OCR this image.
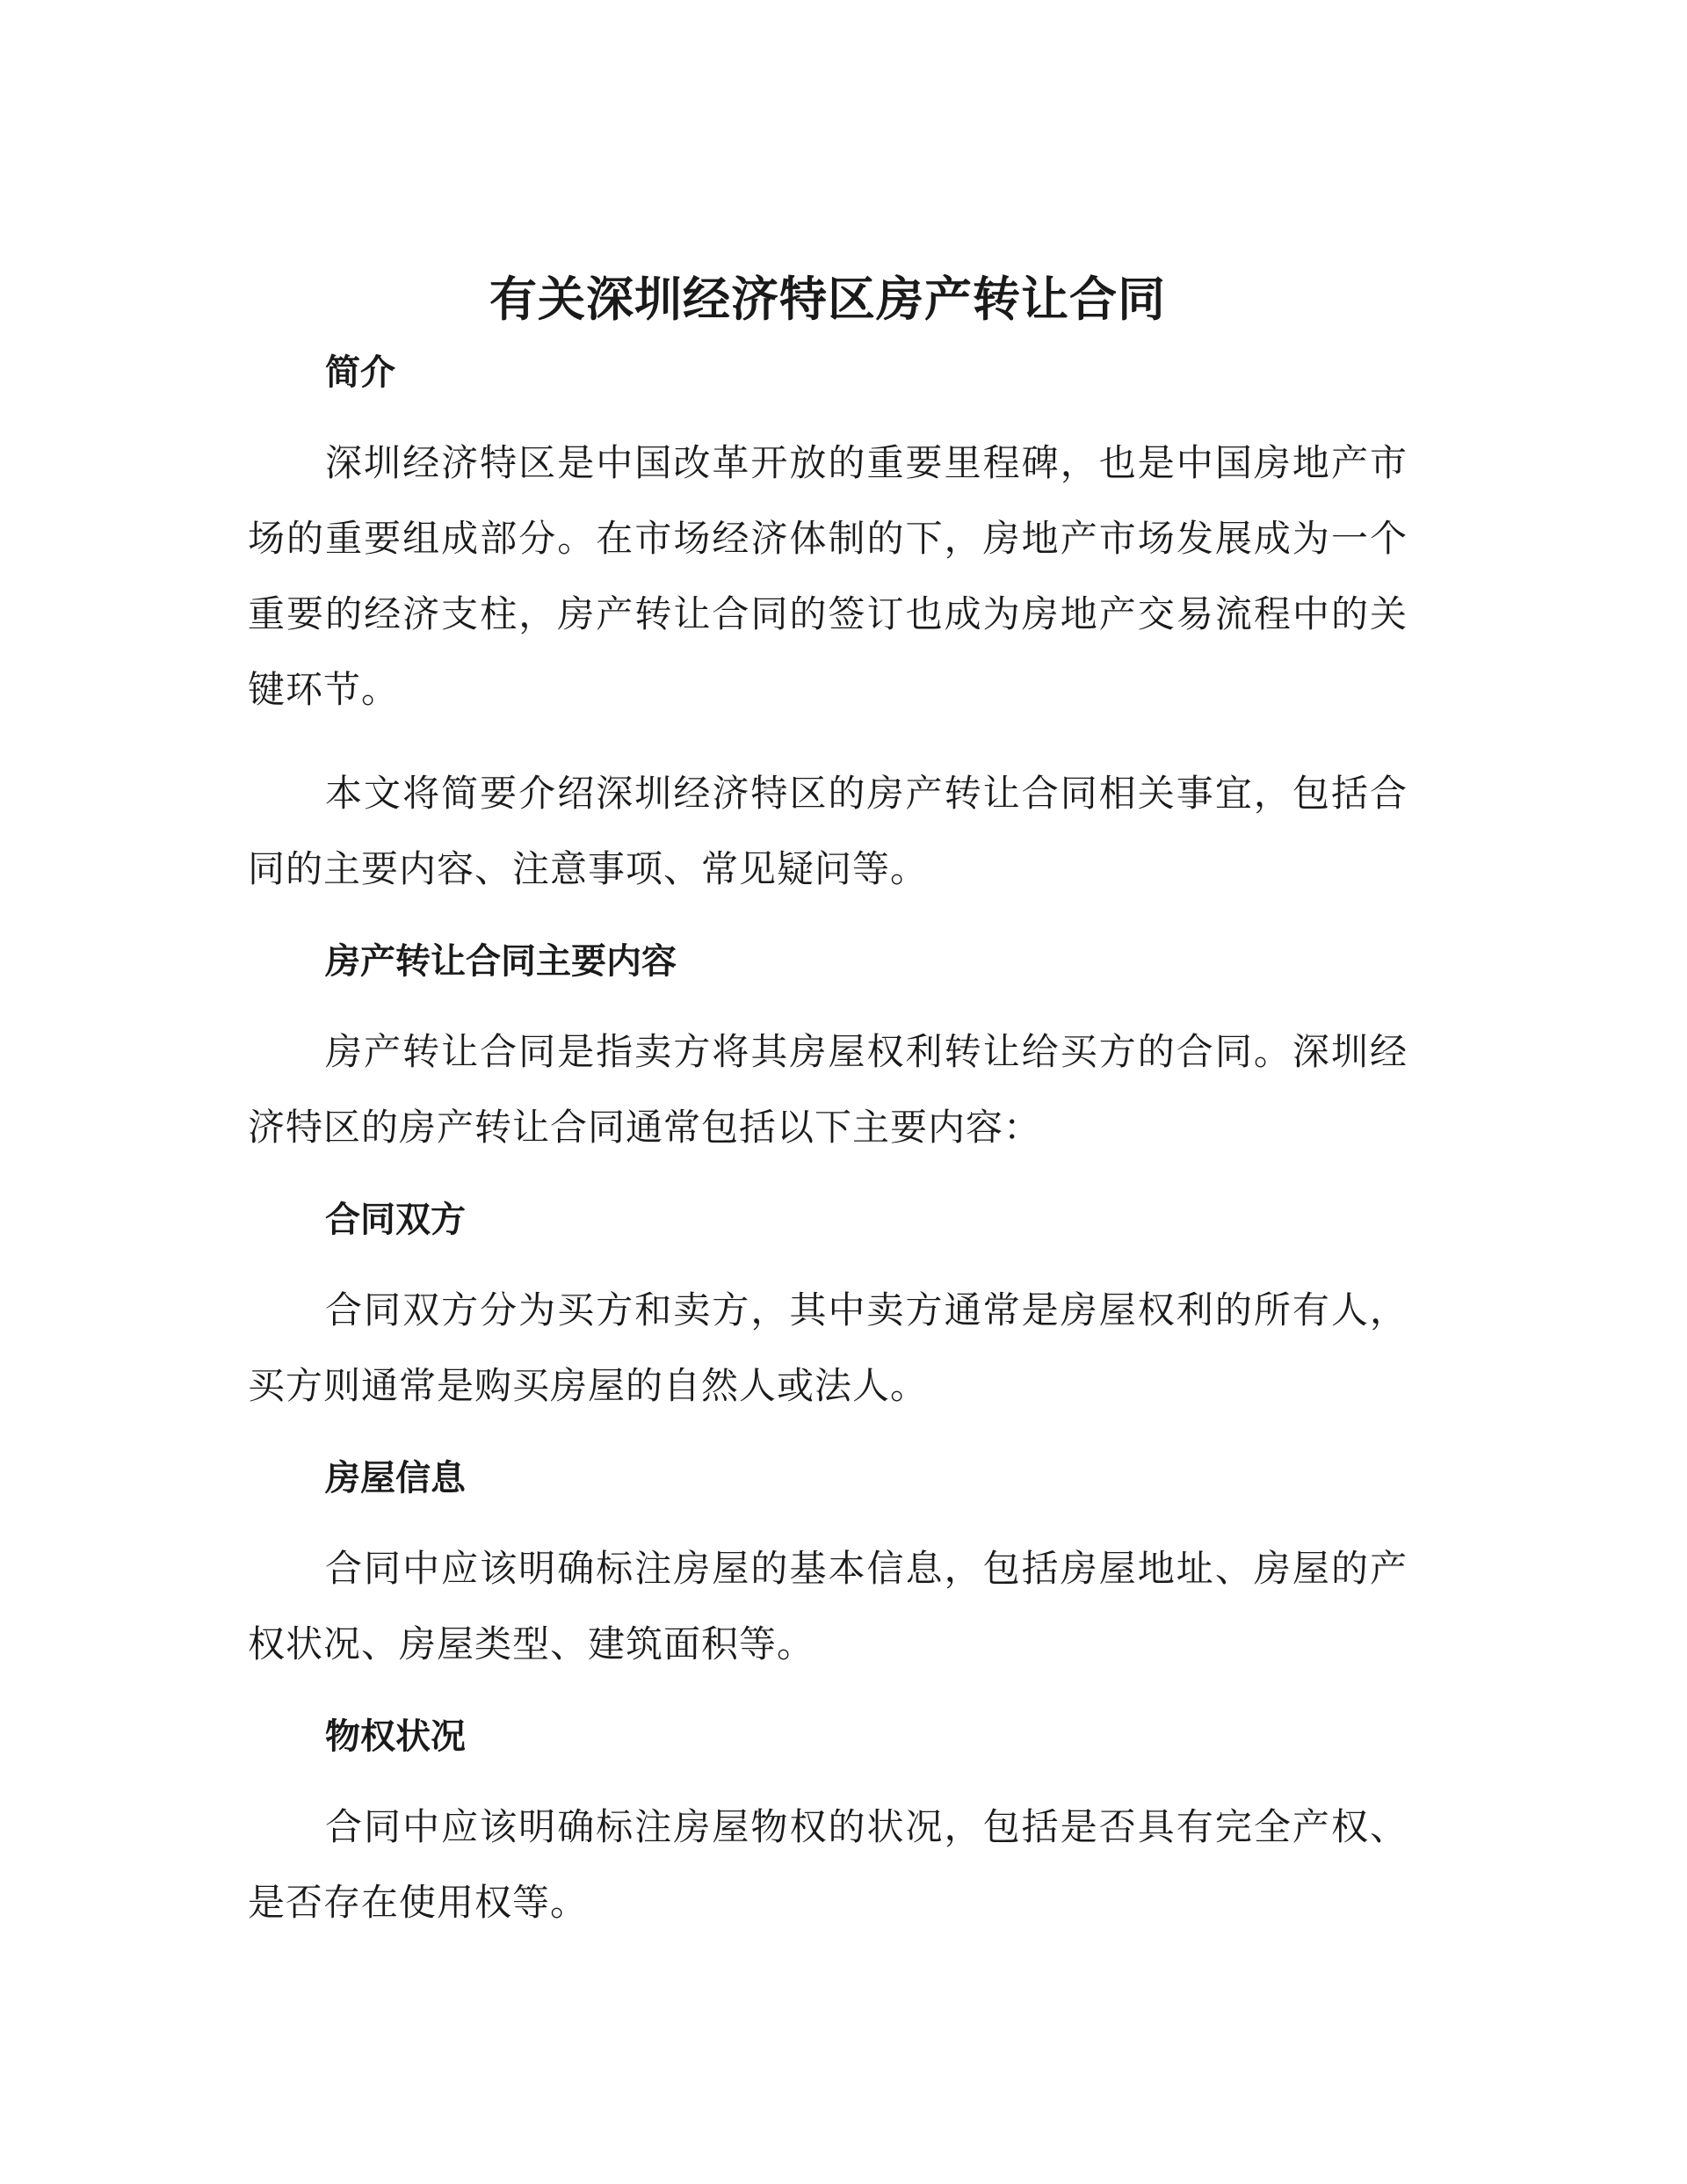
有关深圳经济特区房产转让合同
简介

深圳经济特区是中国改革开放的重要里程碑，也是中国房地产市场的重要组成部分。在市场经济体制的下，房地产市场发展成为一个重要的经济支柱，房产转让合同的签订也成为房地产交易流程中的关键环节。

本文将简要介绍深圳经济特区的房产转让合同相关事宜，包括合同的主要内容、注意事项、常见疑问等。

房产转让合同主要内容

房产转让合同是指卖方将其房屋权利转让给买方的合同。深圳经济特区的房产转让合同通常包括以下主要内容：

合同双方

合同双方分为买方和卖方，其中卖方通常是房屋权利的所有人，买方则通常是购买房屋的自然人或法人。

房屋信息

合同中应该明确标注房屋的基本信息，包括房屋地址、房屋的产权状况、房屋类型、建筑面积等。

物权状况

合同中应该明确标注房屋物权的状况，包括是否具有完全产权、是否存在使用权等。
